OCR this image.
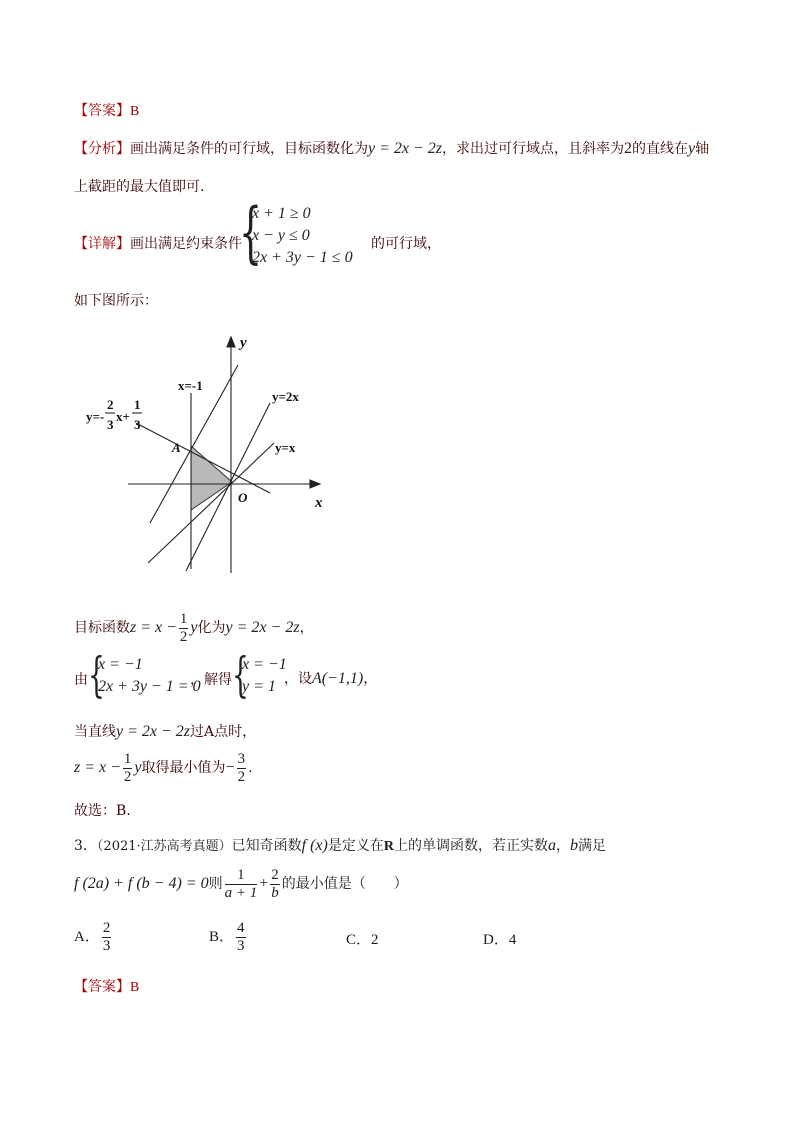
【答案】B
【分析】画出满足条件的可行域，目标函数化为y = 2x − 2z，求出过可行域点，且斜率为2的直线在y轴
上截距的最大值即可.
【详解】画出满足约束条件
{
x + 1 ≥ 0
x − y ≤ 0
2x + 3y − 1 ≤ 0
的可行域，
如下图所示：
y
x
O
A
x=-1
y=2x
y=x
y=-
2
3
x+
1
3
目标函数$z = x - \frac{1}{2}$ y化为y = 2x − 2z，
由 {
x = −1
2x + 3y − 1 = 0
，解得 {
x = −1
y = 1 ，设A(−1,1)，
当直线y = 2x − 2z过A点时，
$z = x - \frac{1}{2}$ y取得最小值为− $\frac{3}{2}$ .
故选：B.
3．（2021·江苏高考真题）已知奇函数f (x)是定义在R上的单调函数，若正实数a，b满足
f (2a) + f (b − 4) = 0则 $\frac{1}{a + 1} + \frac{2}{b}$ 的最小值是（　　）
A． $\frac{2}{3}$	B． $\frac{4}{3}$	C．2	D．4
【答案】B
